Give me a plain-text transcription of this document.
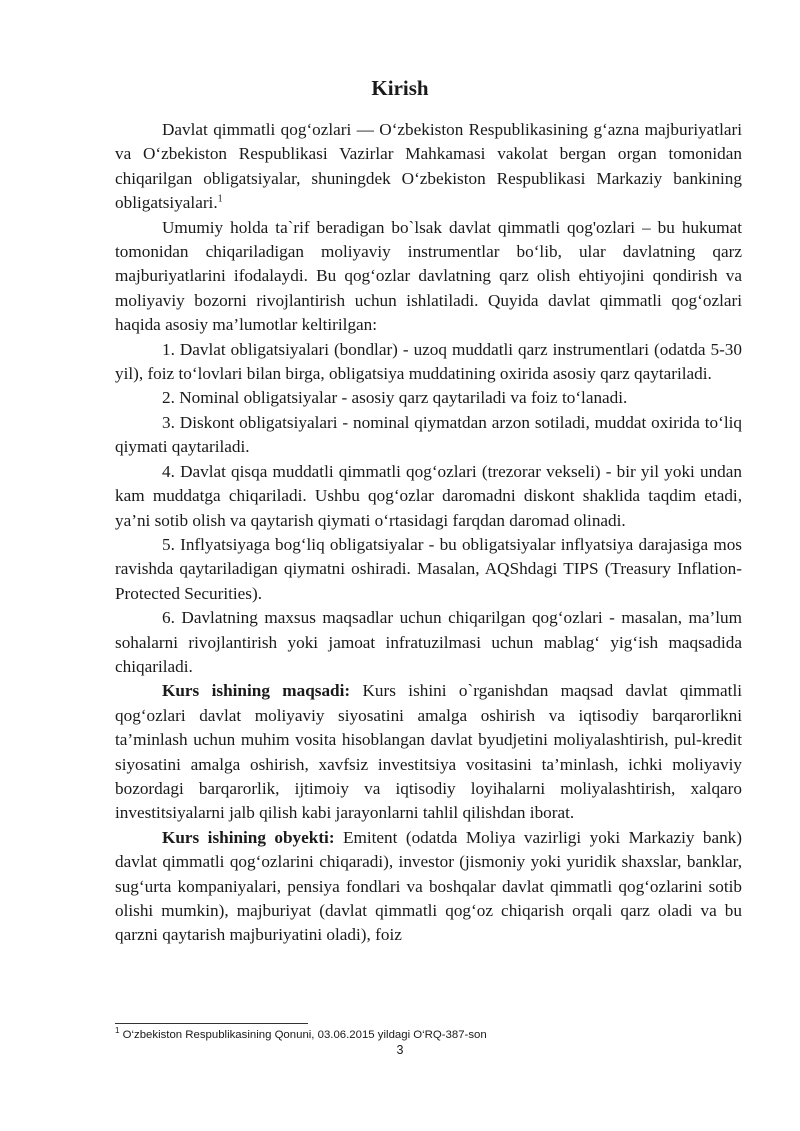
Kirish

Davlat qimmatli qog‘ozlari — O‘zbekiston Respublikasining g‘azna majburiyatlari va O‘zbekiston Respublikasi Vazirlar Mahkamasi vakolat bergan organ tomonidan chiqarilgan obligatsiyalar, shuningdek O‘zbekiston Respublikasi Markaziy bankining obligatsiyalari.$^1$

Umumiy holda ta`rif beradigan bo`lsak davlat qimmatli qog'ozlari – bu hukumat tomonidan chiqariladigan moliyaviy instrumentlar bo‘lib, ular davlatning qarz majburiyatlarini ifodalaydi. Bu qog‘ozlar davlatning qarz olish ehtiyojini qondirish va moliyaviy bozorni rivojlantirish uchun ishlatiladi. Quyida davlat qimmatli qog‘ozlari haqida asosiy ma’lumotlar keltirilgan:

1. Davlat obligatsiyalari (bondlar) - uzoq muddatli qarz instrumentlari (odatda 5-30 yil), foiz to‘lovlari bilan birga, obligatsiya muddatining oxirida asosiy qarz qaytariladi.

2. Nominal obligatsiyalar - asosiy qarz qaytariladi va foiz to‘lanadi.

3. Diskont obligatsiyalari - nominal qiymatdan arzon sotiladi, muddat oxirida to‘liq qiymati qaytariladi.

4. Davlat qisqa muddatli qimmatli qog‘ozlari (trezorar vekseli) - bir yil yoki undan kam muddatga chiqariladi. Ushbu qog‘ozlar daromadni diskont shaklida taqdim etadi, ya’ni sotib olish va qaytarish qiymati o‘rtasidagi farqdan daromad olinadi.

5. Inflyatsiyaga bog‘liq obligatsiyalar - bu obligatsiyalar inflyatsiya darajasiga mos ravishda qaytariladigan qiymatni oshiradi. Masalan, AQShdagi TIPS (Treasury Inflation-Protected Securities).

6. Davlatning maxsus maqsadlar uchun chiqarilgan qog‘ozlari - masalan, ma’lum sohalarni rivojlantirish yoki jamoat infratuzilmasi uchun mablag‘ yig‘ish maqsadida chiqariladi.

Kurs ishining maqsadi: Kurs ishini o`rganishdan maqsad davlat qimmatli qog‘ozlari davlat moliyaviy siyosatini amalga oshirish va iqtisodiy barqarorlikni ta’minlash uchun muhim vosita hisoblangan davlat byudjetini moliyalashtirish, pul-kredit siyosatini amalga oshirish, xavfsiz investitsiya vositasini ta’minlash, ichki moliyaviy bozordagi barqarorlik, ijtimoiy va iqtisodiy loyihalarni moliyalashtirish, xalqaro investitsiyalarni jalb qilish kabi jarayonlarni tahlil qilishdan iborat.

Kurs ishining obyekti: Emitent (odatda Moliya vazirligi yoki Markaziy bank) davlat qimmatli qog‘ozlarini chiqaradi), investor (jismoniy yoki yuridik shaxslar, banklar, sug‘urta kompaniyalari, pensiya fondlari va boshqalar davlat qimmatli qog‘ozlarini sotib olishi mumkin), majburiyat (davlat qimmatli qog‘oz chiqarish orqali qarz oladi va bu qarzni qaytarish majburiyatini oladi), foiz

$^1$ O‘zbekiston Respublikasining Qonuni, 03.06.2015 yildagi O‘RQ-387-son
3
